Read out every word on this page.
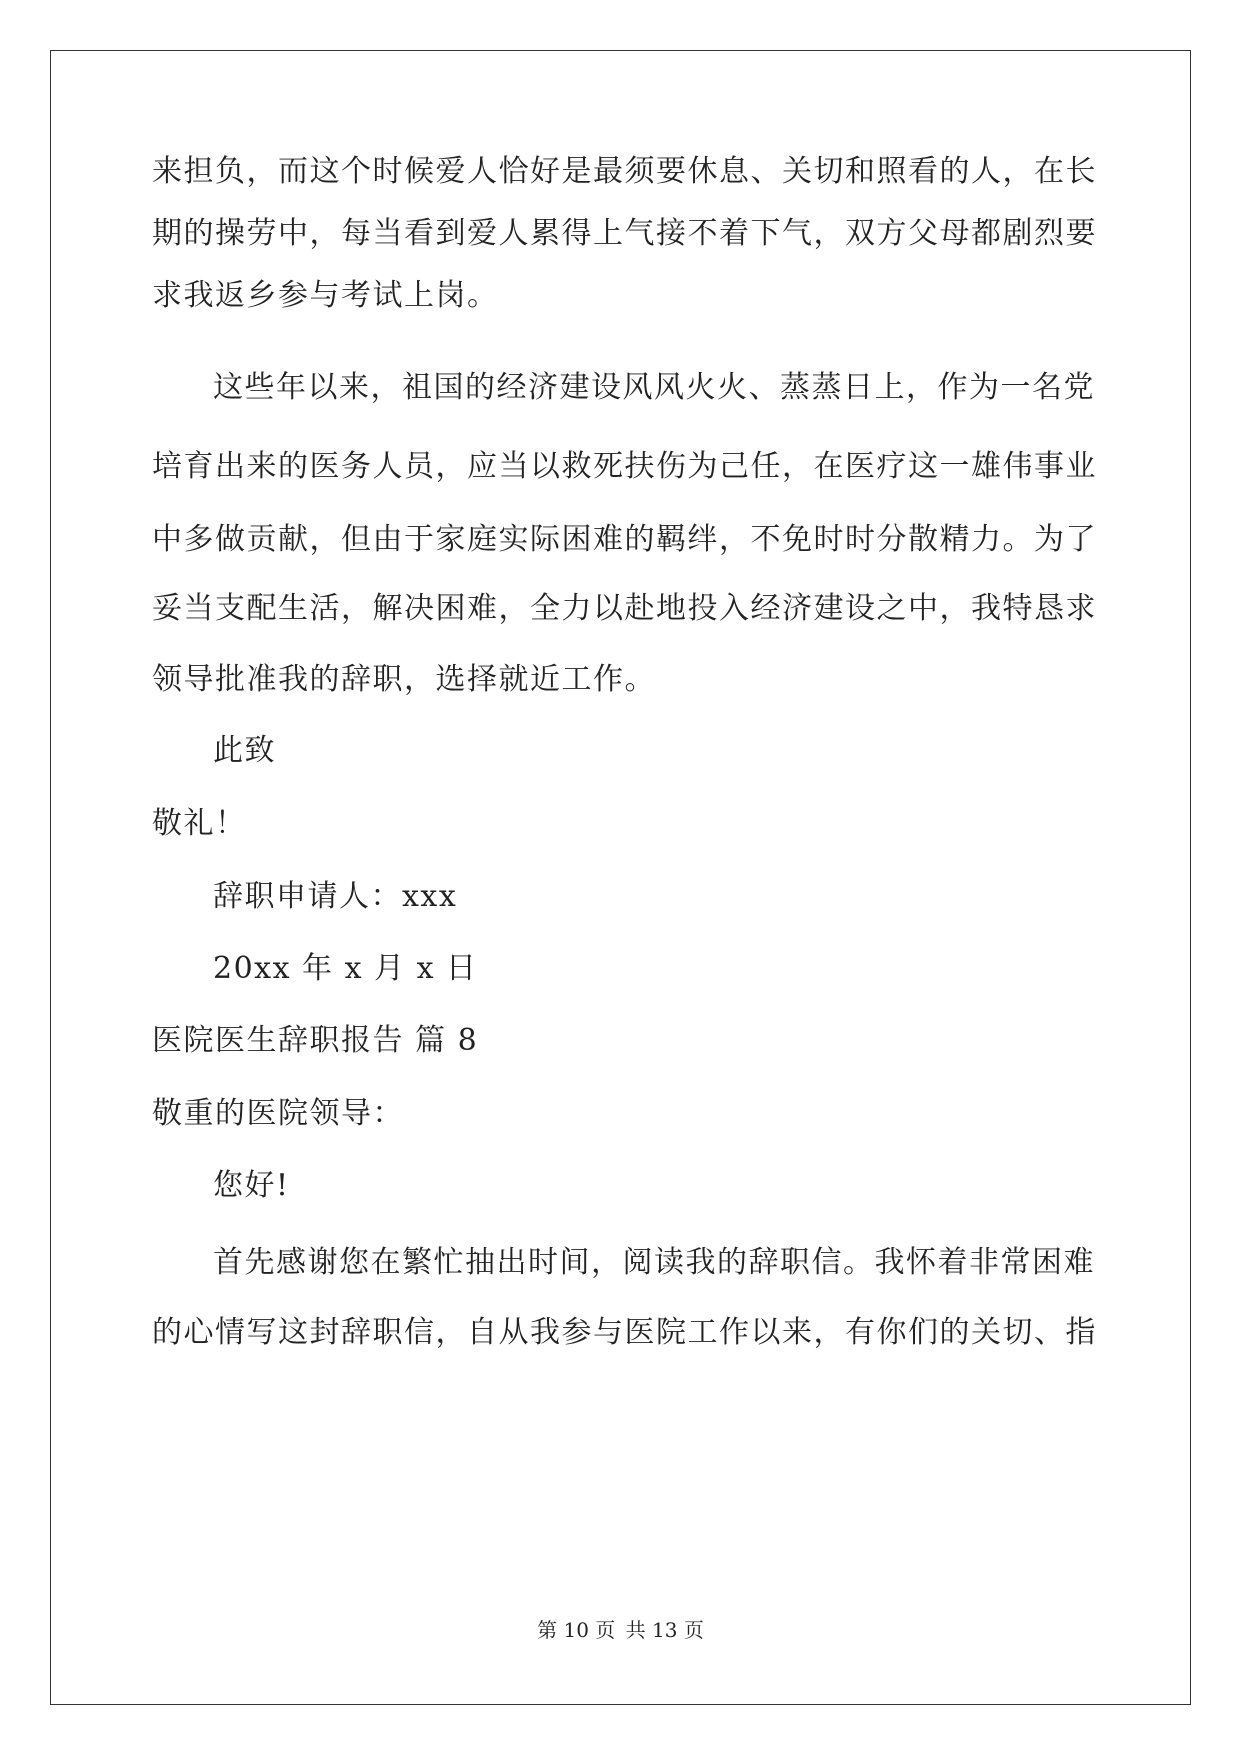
来担负，而这个时候爱人恰好是最须要休息、关切和照看的人，在长
期的操劳中，每当看到爱人累得上气接不着下气，双方父母都剧烈要
求我返乡参与考试上岗。
这些年以来，祖国的经济建设风风火火、蒸蒸日上，作为一名党
培育出来的医务人员，应当以救死扶伤为己任，在医疗这一雄伟事业
中多做贡献，但由于家庭实际困难的羁绊，不免时时分散精力。为了
妥当支配生活，解决困难，全力以赴地投入经济建设之中，我特恳求
领导批准我的辞职，选择就近工作。
此致
敬礼！
辞职申请人：xxx
20xx 年 x 月 x 日
医院医生辞职报告 篇 8
敬重的医院领导：
您好!
首先感谢您在繁忙抽出时间，阅读我的辞职信。我怀着非常困难
的心情写这封辞职信，自从我参与医院工作以来，有你们的关切、指
第 10 页 共 13 页
